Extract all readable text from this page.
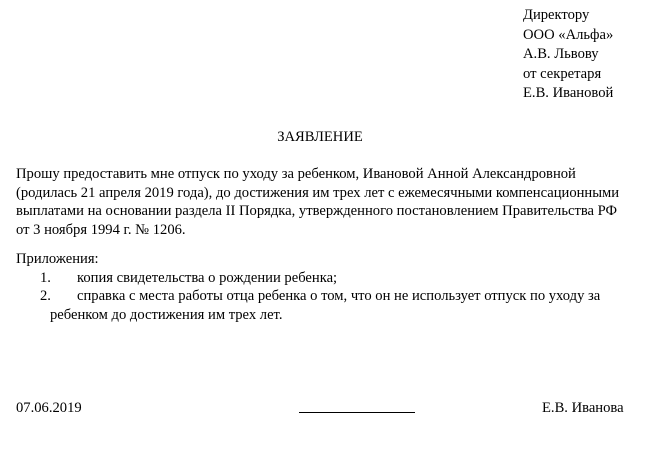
Директору
ООО «Альфа»
А.В. Львову
от секретаря
Е.В. Ивановой
ЗАЯВЛЕНИЕ
Прошу предоставить мне отпуск по уходу за ребенком, Ивановой Анной Александровной
(родилась 21 апреля 2019 года), до достижения им трех лет с ежемесячными компенсационными
выплатами на основании раздела II Порядка, утвержденного постановлением Правительства РФ
от 3 ноября 1994 г. № 1206.
Приложения:
1. копия свидетельства о рождении ребенка;
2. справка с места работы отца ребенка о том, что он не использует отпуск по уходу за
ребенком до достижения им трех лет.
07.06.2019	Е.В. Иванова
